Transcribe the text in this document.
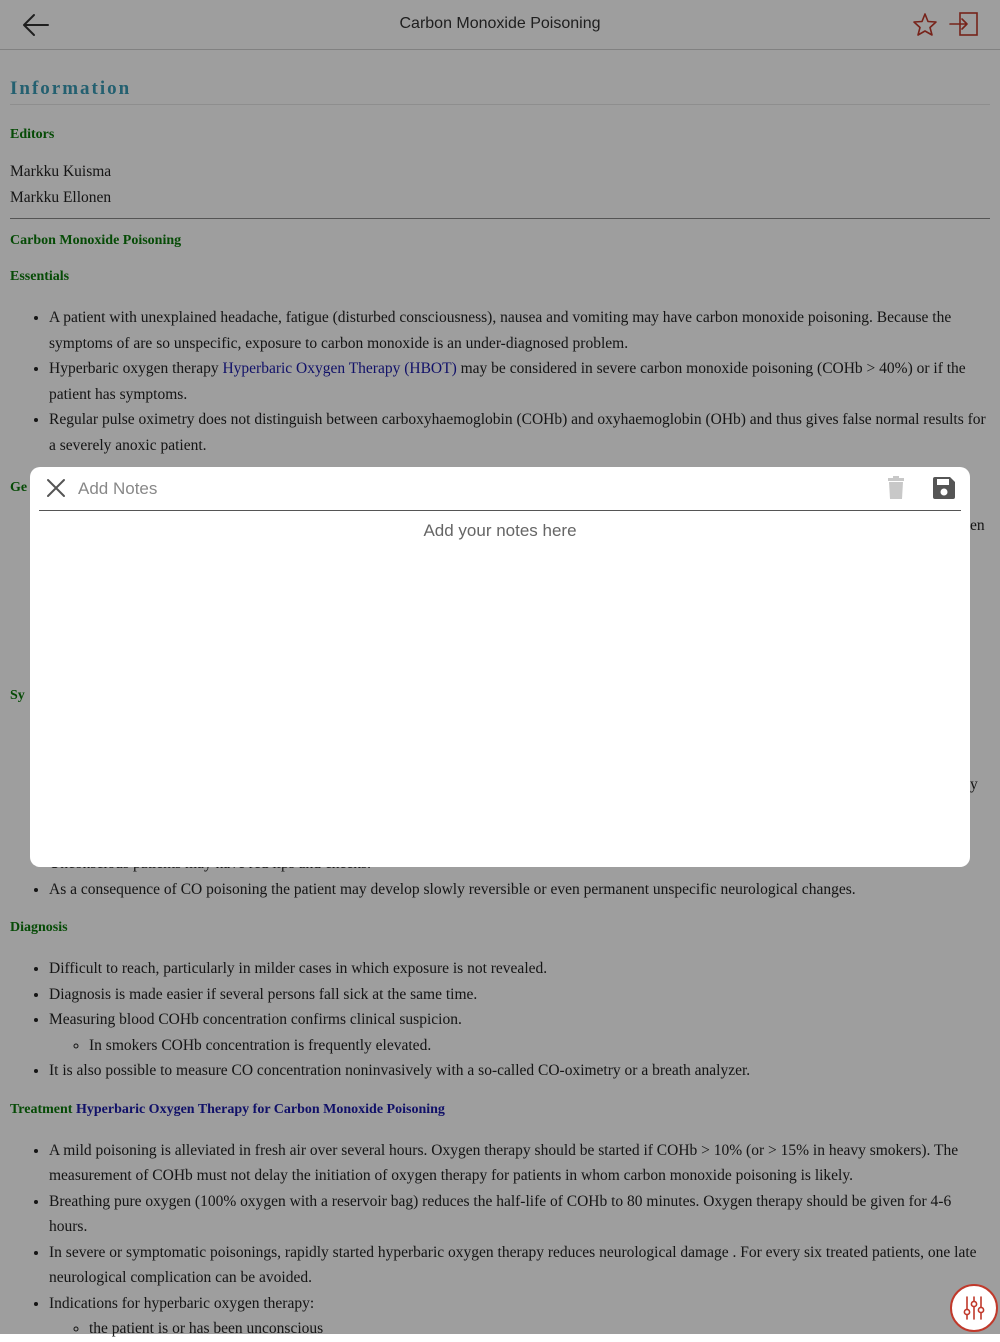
Carbon Monoxide Poisoning
Information
Editors
Markku Kuisma
Markku Ellonen
Carbon Monoxide Poisoning
Essentials
• A patient with unexplained headache, fatigue (disturbed consciousness), nausea and vomiting may have carbon monoxide poisoning. Because the symptoms of are so unspecific, exposure to carbon monoxide is an under-diagnosed problem.
• Hyperbaric oxygen therapy Hyperbaric Oxygen Therapy (HBOT) may be considered in severe carbon monoxide poisoning (COHb > 40%) or if the patient has symptoms.
• Regular pulse oximetry does not distinguish between carboxyhaemoglobin (COHb) and oxyhaemoglobin (OHb) and thus gives false normal results for a severely anoxic patient.
Ge
en
Sy
y
•
• As a consequence of CO poisoning the patient may develop slowly reversible or even permanent unspecific neurological changes.
Diagnosis
• Difficult to reach, particularly in milder cases in which exposure is not revealed.
• Diagnosis is made easier if several persons fall sick at the same time.
• Measuring blood COHb concentration confirms clinical suspicion.
◦ In smokers COHb concentration is frequently elevated.
• It is also possible to measure CO concentration noninvasively with a so-called CO-oximetry or a breath analyzer.
Treatment Hyperbaric Oxygen Therapy for Carbon Monoxide Poisoning
• A mild poisoning is alleviated in fresh air over several hours. Oxygen therapy should be started if COHb > 10% (or > 15% in heavy smokers). The measurement of COHb must not delay the initiation of oxygen therapy for patients in whom carbon monoxide poisoning is likely.
• Breathing pure oxygen (100% oxygen with a reservoir bag) reduces the half-life of COHb to 80 minutes. Oxygen therapy should be given for 4-6 hours.
• In severe or symptomatic poisonings, rapidly started hyperbaric oxygen therapy reduces neurological damage . For every six treated patients, one late neurological complication can be avoided.
• Indications for hyperbaric oxygen therapy:
◦ the patient is or has been unconscious
Add Notes
Add your notes here
